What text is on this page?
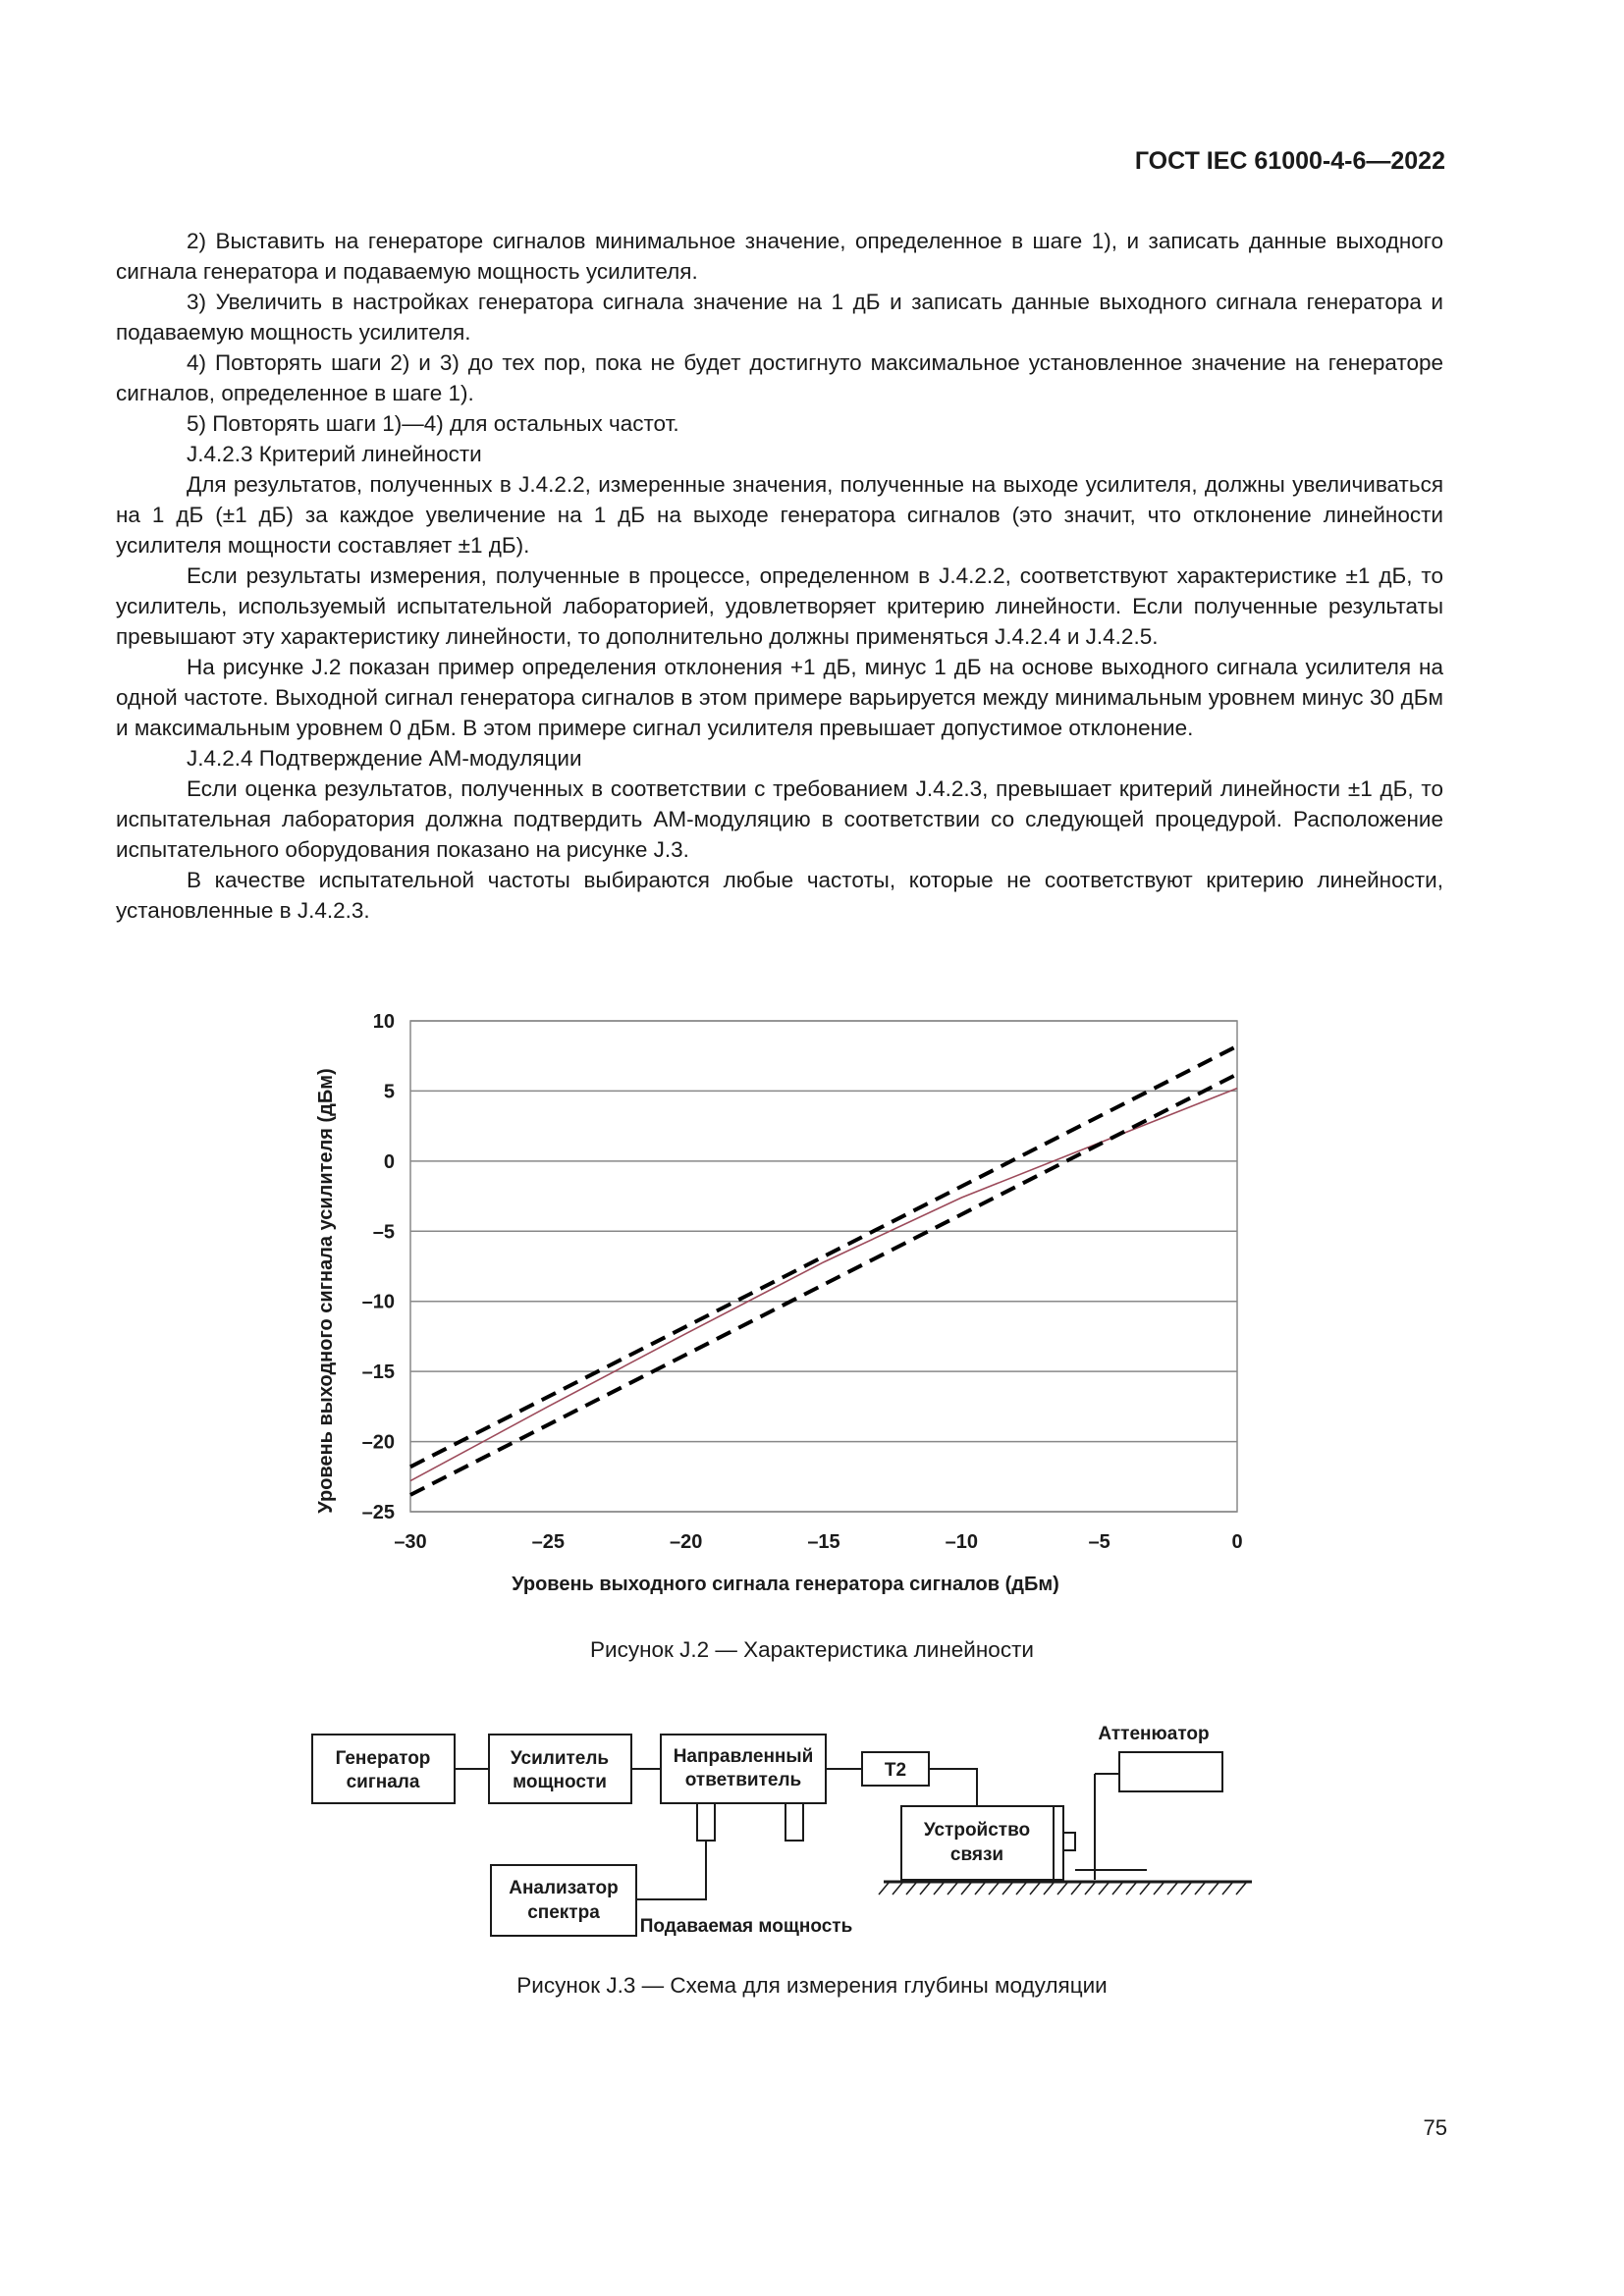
ГОСТ IEC 61000-4-6—2022

2) Выставить на генераторе сигналов минимальное значение, определенное в шаге 1), и записать данные выходного сигнала генератора и подаваемую мощность усилителя.

3) Увеличить в настройках генератора сигнала значение на 1 дБ и записать данные выходного сигнала генератора и подаваемую мощность усилителя.

4) Повторять шаги 2) и 3) до тех пор, пока не будет достигнуто максимальное установленное значение на генераторе сигналов, определенное в шаге 1).

5) Повторять шаги 1)—4) для остальных частот.

J.4.2.3 Критерий линейности

Для результатов, полученных в J.4.2.2, измеренные значения, полученные на выходе усилителя, должны увеличиваться на 1 дБ (±1 дБ) за каждое увеличение на 1 дБ на выходе генератора сигналов (это значит, что отклонение линейности усилителя мощности составляет ±1 дБ).

Если результаты измерения, полученные в процессе, определенном в J.4.2.2, соответствуют характеристике ±1 дБ, то усилитель, используемый испытательной лабораторией, удовлетворяет критерию линейности. Если полученные результаты превышают эту характеристику линейности, то дополнительно должны применяться J.4.2.4 и J.4.2.5.

На рисунке J.2 показан пример определения отклонения +1 дБ, минус 1 дБ на основе выходного сигнала усилителя на одной частоте. Выходной сигнал генератора сигналов в этом примере варьируется между минимальным уровнем минус 30 дБм и максимальным уровнем 0 дБм. В этом примере сигнал усилителя превышает допустимое отклонение.

J.4.2.4 Подтверждение АМ-модуляции

Если оценка результатов, полученных в соответствии с требованием J.4.2.3, превышает критерий линейности ±1 дБ, то испытательная лаборатория должна подтвердить АМ-модуляцию в соответствии со следующей процедурой. Расположение испытательного оборудования показано на рисунке J.3.

В качестве испытательной частоты выбираются любые частоты, которые не соответствуют критерию линейности, установленные в J.4.2.3.

10
5
0
–5
–10
–15
–20
–25
–30	–25	–20	–15	–10	–5	0
Уровень выходного сигнала генератора сигналов (дБм)
Уровень выходного сигнала усилителя (дБм)
Рисунок J.2 — Характеристика линейности
Генератор
сигнала
Усилитель
мощности
Направленный
ответвитель	T2
Устройство
связи
Анализатор
спектра
Аттенюатор
Подаваемая мощность
Рисунок J.3 — Схема для измерения глубины модуляции
75
